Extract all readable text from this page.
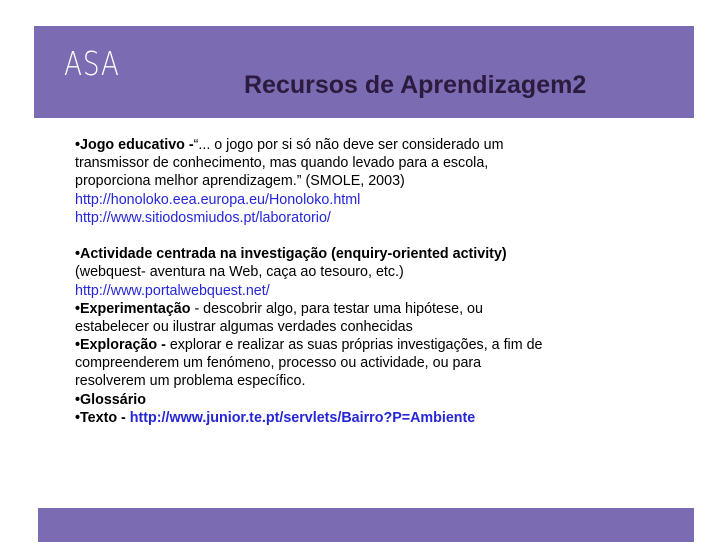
ASA
Recursos de Aprendizagem2
•Jogo educativo -“... o jogo por si só não deve ser considerado um
transmissor de conhecimento, mas quando levado para a escola,
proporciona melhor aprendizagem.” (SMOLE, 2003)
http://honoloko.eea.europa.eu/Honoloko.html
http://www.sitiodosmiudos.pt/laboratorio/
•Actividade centrada na investigação (enquiry-oriented activity)
(webquest- aventura na Web, caça ao tesouro, etc.)
http://www.portalwebquest.net/
•Experimentação - descobrir algo, para testar uma hipótese, ou
estabelecer ou ilustrar algumas verdades conhecidas
•Exploração - explorar e realizar as suas próprias investigações, a fim de
compreenderem um fenómeno, processo ou actividade, ou para
resolverem um problema específico.
•Glossário
•Texto - http://www.junior.te.pt/servlets/Bairro?P=Ambiente
